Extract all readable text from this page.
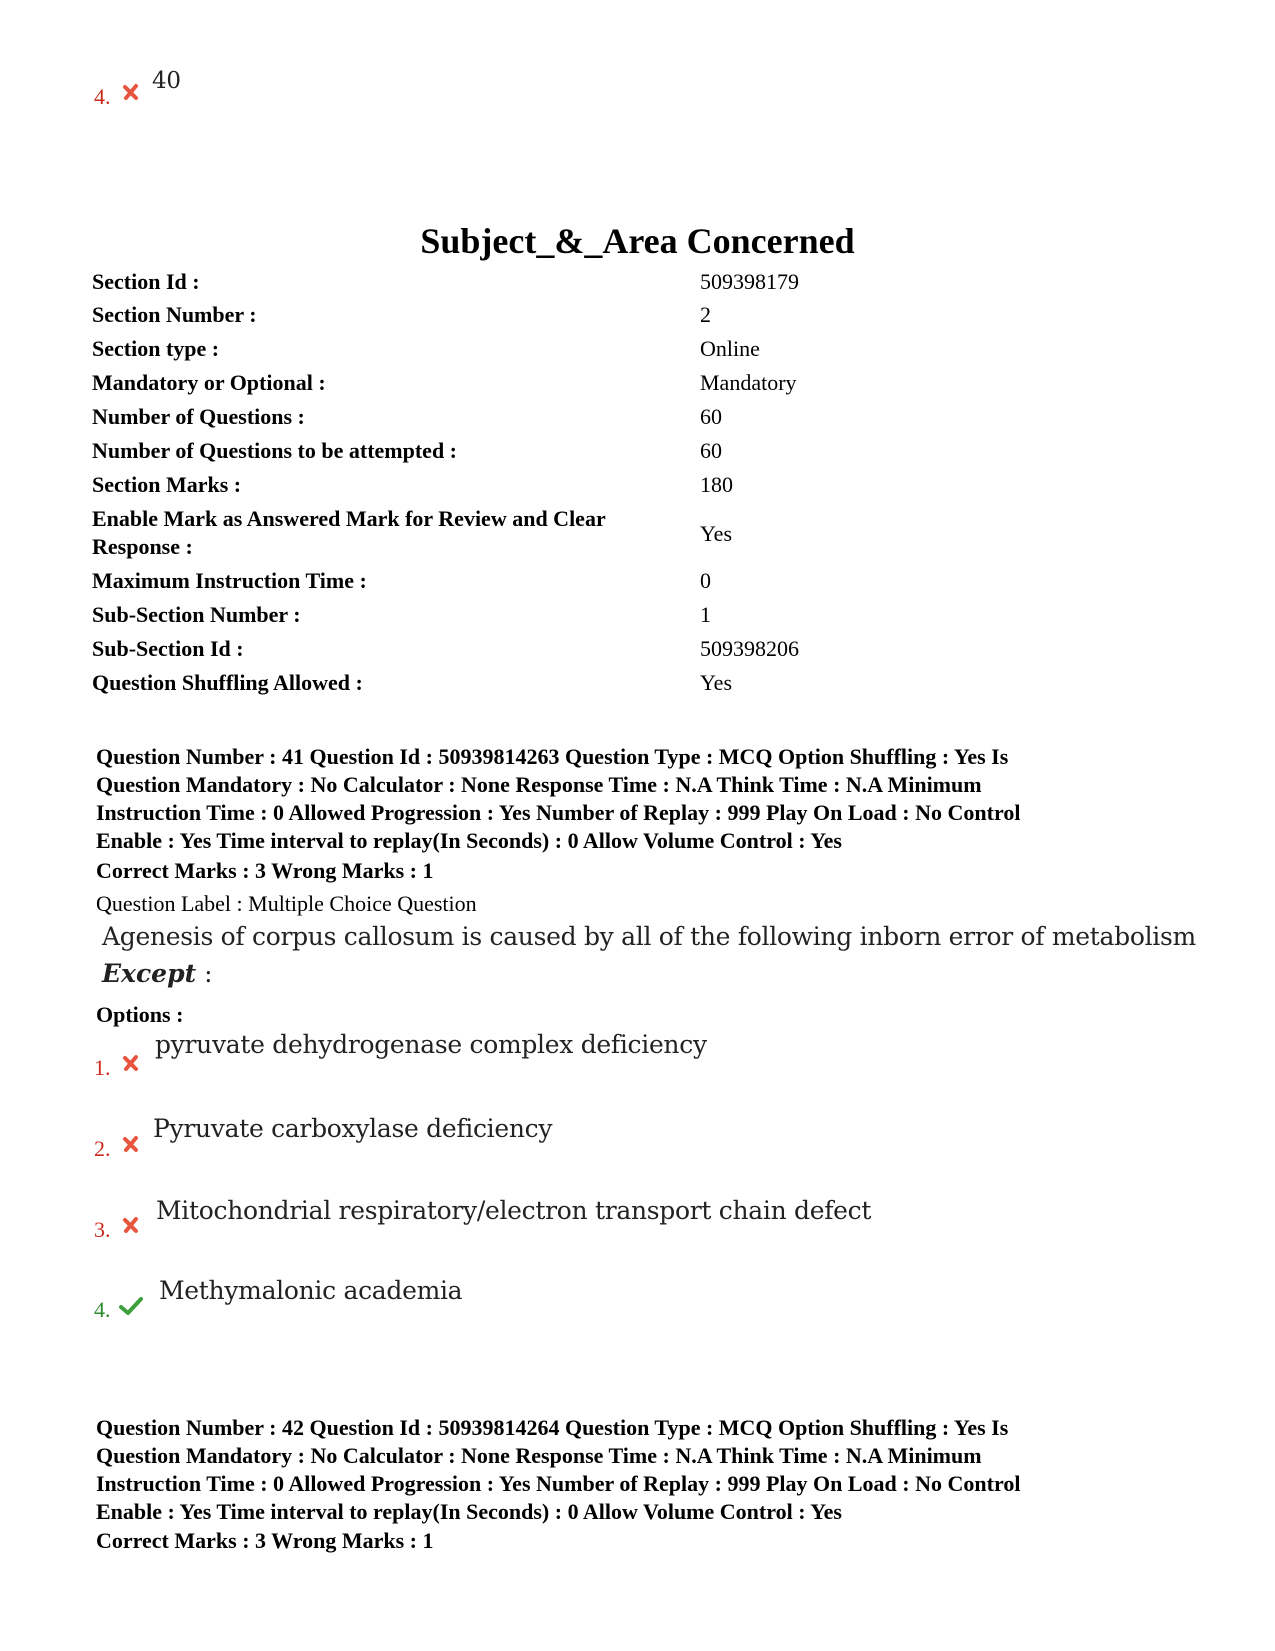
4.
40
Subject_&_Area Concerned
Section Id :	509398179
Section Number :	2
Section type :	Online
Mandatory or Optional :	Mandatory
Number of Questions :	60
Number of Questions to be attempted :	60
Section Marks :	180
Enable Mark as Answered Mark for Review and Clear Response :
Yes
Maximum Instruction Time :	0
Sub-Section Number :	1
Sub-Section Id :	509398206
Question Shuffling Allowed :	Yes
Question Number : 41 Question Id : 50939814263 Question Type : MCQ Option Shuffling : Yes Is
Question Mandatory : No Calculator : None Response Time : N.A Think Time : N.A Minimum
Instruction Time : 0 Allowed Progression : Yes Number of Replay : 999 Play On Load : No Control
Enable : Yes Time interval to replay(In Seconds) : 0 Allow Volume Control : Yes
Correct Marks : 3 Wrong Marks : 1
Question Label : Multiple Choice Question
Agenesis of corpus callosum is caused by all of the following inborn error of metabolism
Except :
Options :
1.
pyruvate dehydrogenase complex deficiency
2.
Pyruvate carboxylase deficiency
3.
Mitochondrial respiratory/electron transport chain defect
4.
Methymalonic academia
Question Number : 42 Question Id : 50939814264 Question Type : MCQ Option Shuffling : Yes Is
Question Mandatory : No Calculator : None Response Time : N.A Think Time : N.A Minimum
Instruction Time : 0 Allowed Progression : Yes Number of Replay : 999 Play On Load : No Control
Enable : Yes Time interval to replay(In Seconds) : 0 Allow Volume Control : Yes
Correct Marks : 3 Wrong Marks : 1
